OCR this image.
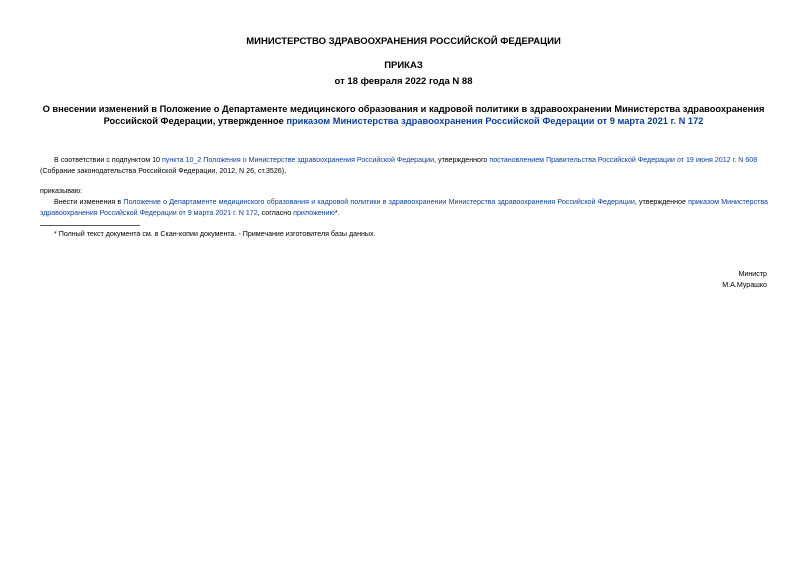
МИНИСТЕРСТВО ЗДРАВООХРАНЕНИЯ РОССИЙСКОЙ ФЕДЕРАЦИИ
ПРИКАЗ
от 18 февраля 2022 года N 88
О внесении изменений в Положение о Департаменте медицинского образования и кадровой политики в здравоохранении Министерства здравоохранения Российской Федерации, утвержденное приказом Министерства здравоохранения Российской Федерации от 9 марта 2021 г. N 172
В соответствии с подпунктом 10 пункта 10_2 Положения о Министерстве здравоохранения Российской Федерации, утвержденного постановлением Правительства Российской Федерации от 19 июня 2012 г. N 608 (Собрание законодательства Российской Федерации, 2012, N 26, ст.3526),
приказываю:
Внести изменения в Положение о Департаменте медицинского образования и кадровой политики в здравоохранении Министерства здравоохранения Российской Федерации, утвержденное приказом Министерства здравоохранения Российской Федерации от 9 марта 2021 г. N 172, согласно приложению*.
* Полный текст документа см. в Скан-копии документа. - Примечание изготовителя базы данных.
Министр
М.А.Мурашко
